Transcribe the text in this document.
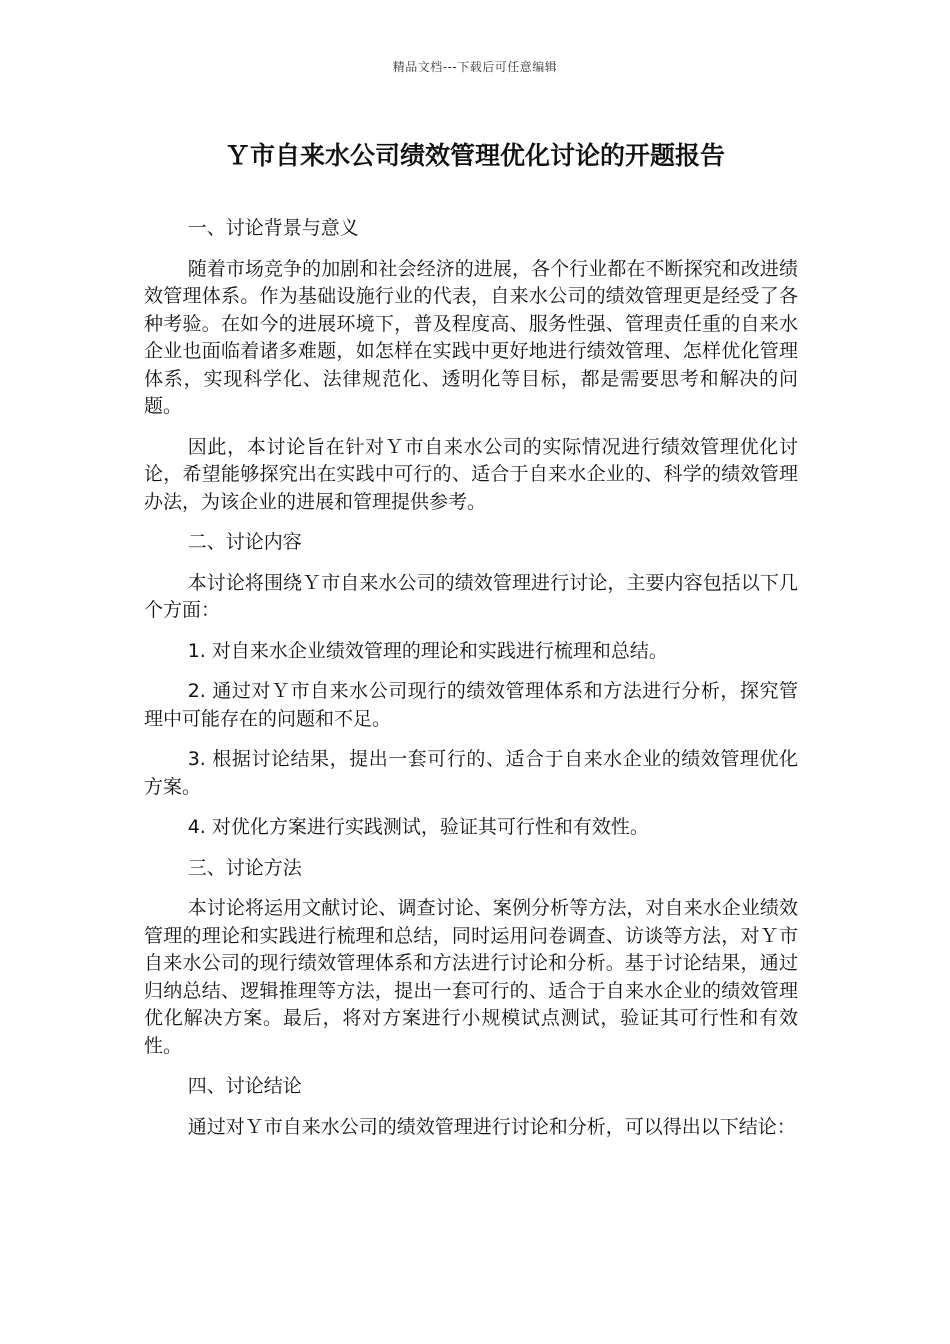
精品文档---下载后可任意编辑
Ｙ市自来水公司绩效管理优化讨论的开题报告

一、讨论背景与意义

随着市场竞争的加剧和社会经济的进展，各个行业都在不断探究和改进绩效管理体系。作为基础设施行业的代表，自来水公司的绩效管理更是经受了各种考验。在如今的进展环境下，普及程度高、服务性强、管理责任重的自来水企业也面临着诸多难题，如怎样在实践中更好地进行绩效管理、怎样优化管理体系，实现科学化、法律规范化、透明化等目标，都是需要思考和解决的问题。

因此，本讨论旨在针对Ｙ市自来水公司的实际情况进行绩效管理优化讨论，希望能够探究出在实践中可行的、适合于自来水企业的、科学的绩效管理办法，为该企业的进展和管理提供参考。

二、讨论内容

本讨论将围绕Ｙ市自来水公司的绩效管理进行讨论，主要内容包括以下几个方面：

1. 对自来水企业绩效管理的理论和实践进行梳理和总结。

2. 通过对Ｙ市自来水公司现行的绩效管理体系和方法进行分析，探究管理中可能存在的问题和不足。

3. 根据讨论结果，提出一套可行的、适合于自来水企业的绩效管理优化方案。

4. 对优化方案进行实践测试，验证其可行性和有效性。

三、讨论方法

本讨论将运用文献讨论、调查讨论、案例分析等方法，对自来水企业绩效管理的理论和实践进行梳理和总结，同时运用问卷调查、访谈等方法，对Ｙ市自来水公司的现行绩效管理体系和方法进行讨论和分析。基于讨论结果，通过归纳总结、逻辑推理等方法，提出一套可行的、适合于自来水企业的绩效管理优化解决方案。最后，将对方案进行小规模试点测试，验证其可行性和有效性。

四、讨论结论

通过对Ｙ市自来水公司的绩效管理进行讨论和分析，可以得出以下结论：
